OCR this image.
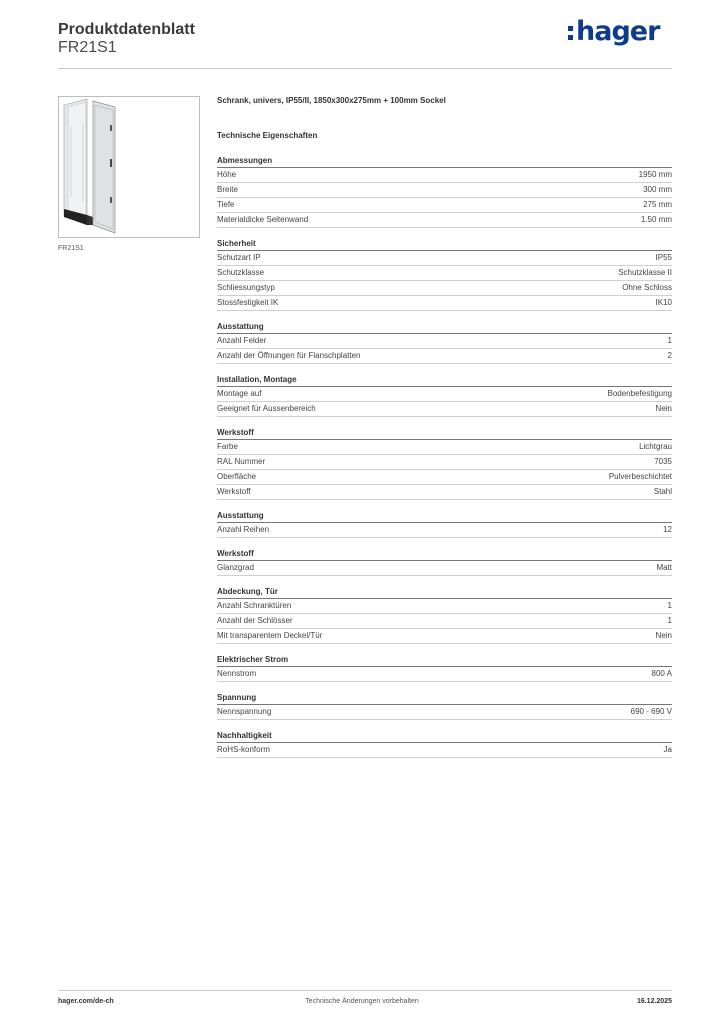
Produktdatenblatt
FR21S1
hager
FR21S1
Schrank, univers, IP55/II, 1850x300x275mm + 100mm Sockel
Technische Eigenschaften
Abmessungen
Höhe	1950 mm
Breite	300 mm
Tiefe	275 mm
Materialdicke Seitenwand	1.50 mm
Sicherheit
Schutzart IP	IP55
Schutzklasse	Schutzklasse II
Schliessungstyp	Ohne Schloss
Stossfestigkeit IK	IK10
Ausstattung
Anzahl Felder	1
Anzahl der Öffnungen für Flanschplatten	2
Installation, Montage
Montage auf	Bodenbefestigung
Geeignet für Aussenbereich	Nein
Werkstoff
Farbe	Lichtgrau
RAL Nummer	7035
Oberfläche	Pulverbeschichtet
Werkstoff	Stahl
Ausstattung
Anzahl Reihen	12
Werkstoff
Glanzgrad	Matt
Abdeckung, Tür
Anzahl Schranktüren	1
Anzahl der Schlösser	1
Mit transparentem Deckel/Tür	Nein
Elektrischer Strom
Nennstrom	800 A
Spannung
Nennspannung	690 - 690 V
Nachhaltigkeit
RoHS-konform	Ja
hager.com/de-ch	Technische Änderungen vorbehalten	16.12.2025
